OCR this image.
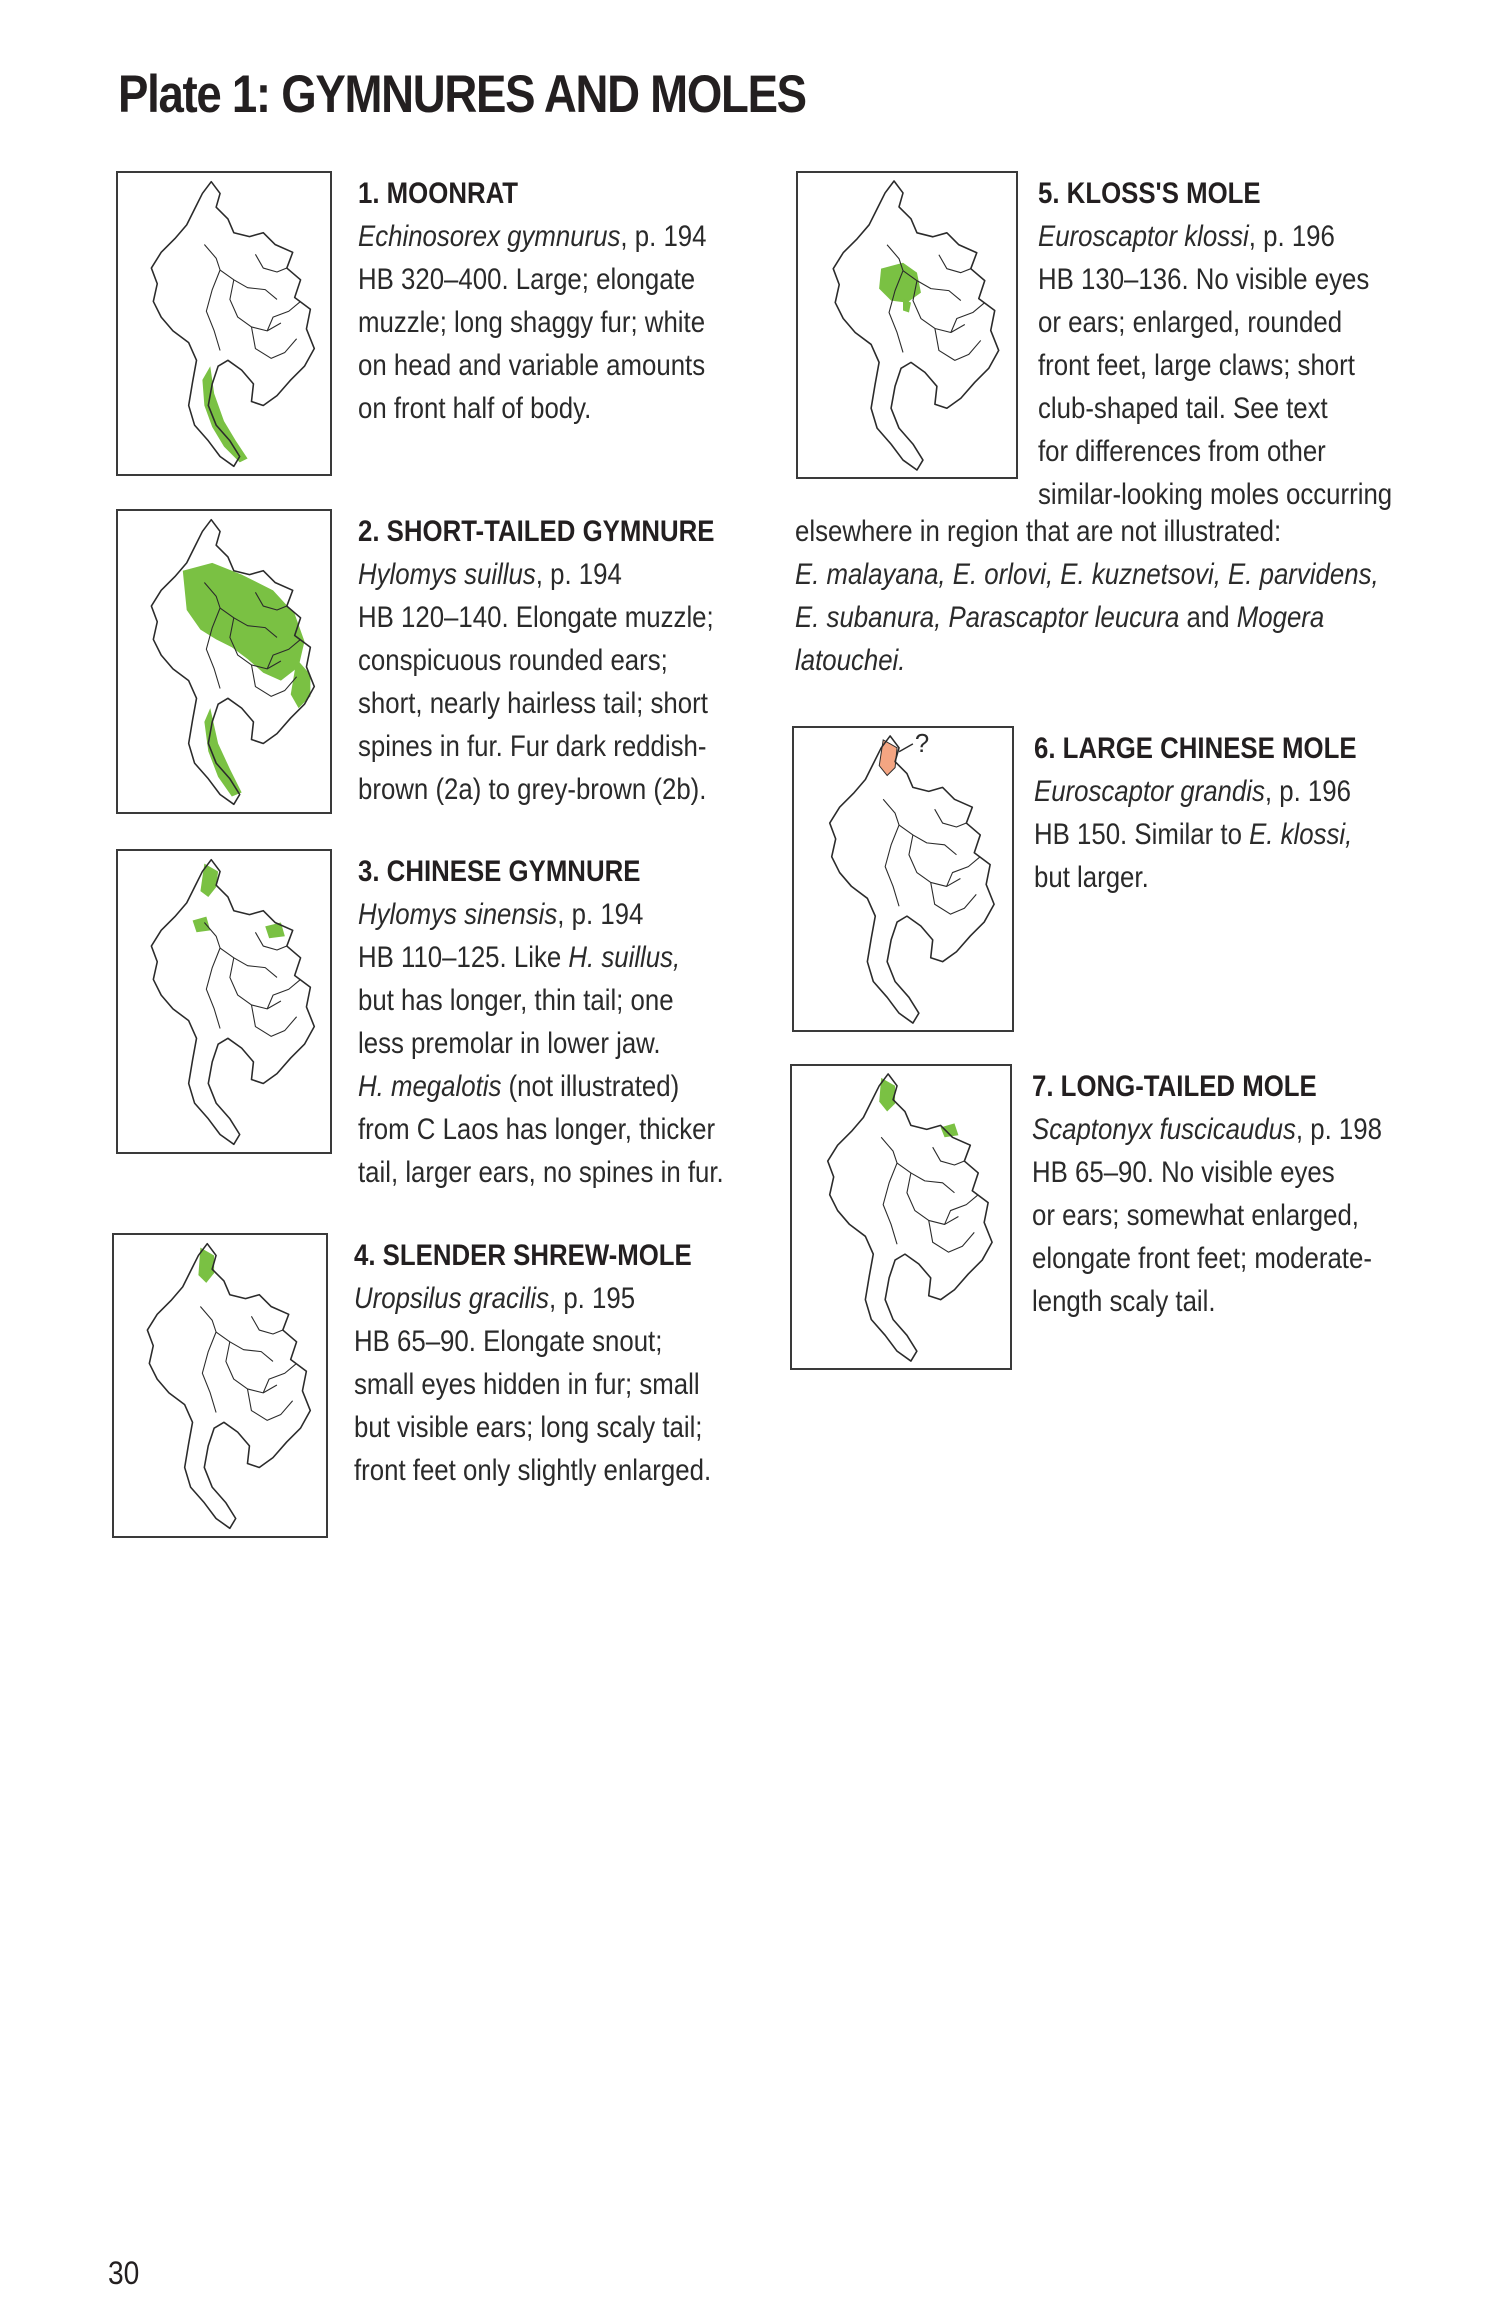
Plate 1: GYMNURES AND MOLES

1. MOONRAT

Echinosorex gymnurus, p. 194

HB 320–400. Large; elongate

muzzle; long shaggy fur; white

on head and variable amounts

on front half of body.

2. SHORT-TAILED GYMNURE

Hylomys suillus, p. 194

HB 120–140. Elongate muzzle;

conspicuous rounded ears;

short, nearly hairless tail; short

spines in fur. Fur dark reddish-

brown (2a) to grey-brown (2b).

3. CHINESE GYMNURE

Hylomys sinensis, p. 194

HB 110–125. Like H. suillus,

but has longer, thin tail; one

less premolar in lower jaw.

H. megalotis (not illustrated)

from C Laos has longer, thicker

tail, larger ears, no spines in fur.

4. SLENDER SHREW-MOLE

Uropsilus gracilis, p. 195

HB 65–90. Elongate snout;

small eyes hidden in fur; small

but visible ears; long scaly tail;

front feet only slightly enlarged.

5. KLOSS'S MOLE

Euroscaptor klossi, p. 196

HB 130–136. No visible eyes

or ears; enlarged, rounded

front feet, large claws; short

club-shaped tail. See text

for differences from other

similar-looking moles occurring

elsewhere in region that are not illustrated:

E. malayana, E. orlovi, E. kuznetsovi, E. parvidens,

E. subanura, Parascaptor leucura and Mogera

latouchei.

?	6. LARGE CHINESE MOLE

Euroscaptor grandis, p. 196

HB 150. Similar to E. klossi,

but larger.

7. LONG-TAILED MOLE

Scaptonyx fuscicaudus, p. 198

HB 65–90. No visible eyes

or ears; somewhat enlarged,

elongate front feet; moderate-

length scaly tail.

30
